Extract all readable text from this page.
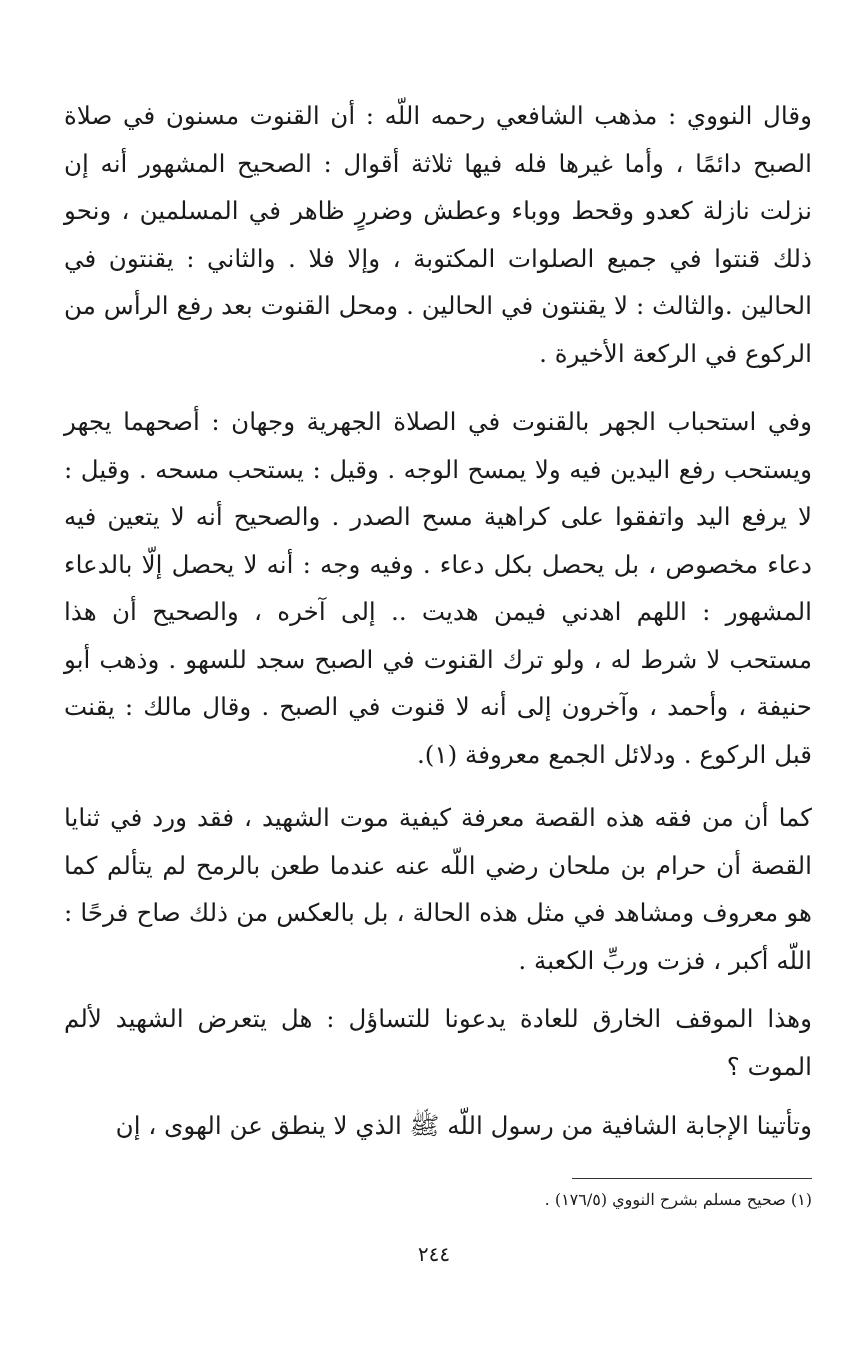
وقال النووي : مذهب الشافعي رحمه اللّه : أن القنوت مسنون في صلاة الصبح دائمًا ، وأما غيرها فله فيها ثلاثة أقوال : الصحيح المشهور أنه إن نزلت نازلة كعدو وقحط ووباء وعطش وضررٍ ظاهر في المسلمين ، ونحو ذلك قنتوا في جميع الصلوات المكتوبة ، وإلا فلا . والثاني : يقنتون في الحالين .والثالث : لا يقنتون في الحالين . ومحل القنوت بعد رفع الرأس من الركوع في الركعة الأخيرة .

وفي استحباب الجهر بالقنوت في الصلاة الجهرية وجهان : أصحهما يجهر ويستحب رفع اليدين فيه ولا يمسح الوجه . وقيل : يستحب مسحه . وقيل : لا يرفع اليد واتفقوا على كراهية مسح الصدر . والصحيح أنه لا يتعين فيه دعاء مخصوص ، بل يحصل بكل دعاء . وفيه وجه : أنه لا يحصل إلّا بالدعاء المشهور : اللهم اهدني فيمن هديت .. إلى آخره ، والصحيح أن هذا مستحب لا شرط له ، ولو ترك القنوت في الصبح سجد للسهو . وذهب أبو حنيفة ، وأحمد ، وآخرون إلى أنه لا قنوت في الصبح . وقال مالك : يقنت قبل الركوع . ودلائل الجمع معروفة (١).

كما أن من فقه هذه القصة معرفة كيفية موت الشهيد ، فقد ورد في ثنايا القصة أن حرام بن ملحان رضي اللّه عنه عندما طعن بالرمح لم يتألم كما هو معروف ومشاهد في مثل هذه الحالة ، بل بالعكس من ذلك صاح فرحًا : اللّه أكبر ، فزت وربِّ الكعبة .

وهذا الموقف الخارق للعادة يدعونا للتساؤل : هل يتعرض الشهيد لألم الموت ؟

وتأتينا الإجابة الشافية من رسول اللّه ﷺ الذي لا ينطق عن الهوى ، إن

(١) صحيح مسلم بشرح النووي (١٧٦/٥) .
٢٤٤
